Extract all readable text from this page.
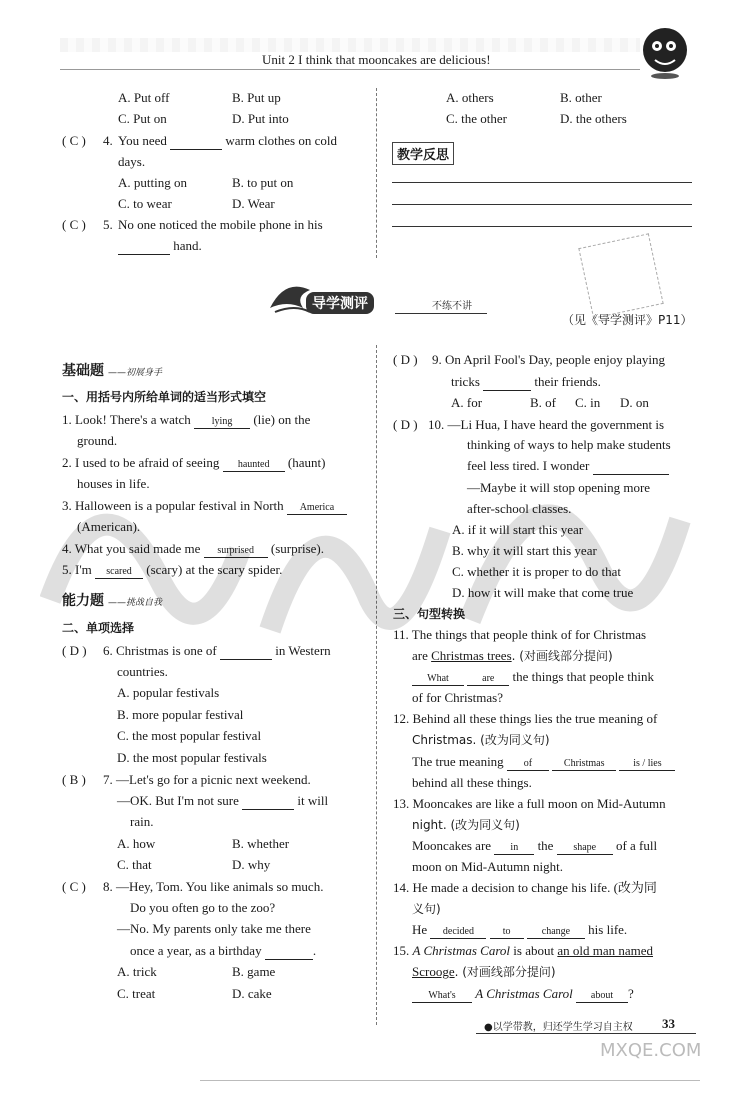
Unit 2 I think that mooncakes are delicious!
A. Put off	B. Put up
C. Put on	D. Put into
( C ) 4. You need	warm clothes on cold
days.
A. putting on	B. to put on
C. to wear	D. Wear
( C ) 5. No one noticed the mobile phone in his
hand.
A. others	B. other
C. the other	D. the others
教学反思
导学测评	不练不讲
（见《导学测评》P11）
基础题 ——初展身手
一、用括号内所给单词的适当形式填空
1. Look! There's a watch lying (lie) on the
ground.
2. I used to be afraid of seeing haunted (haunt)
houses in life.
3. Halloween is a popular festival in North America
(American).
4. What you said made me surprised (surprise).
5. I'm scared (scary) at the scary spider.
能力题 ——挑战自我
二、单项选择
( D ) 6. Christmas is one of	in Western
countries.
A. popular festivals
B. more popular festival
C. the most popular festival
D. the most popular festivals
( B ) 7. —Let's go for a picnic next weekend.
—OK. But I'm not sure	it will
rain.
A. how	B. whether
C. that	D. why
( C ) 8. —Hey, Tom. You like animals so much.
Do you often go to the zoo?
—No. My parents only take me there
once a year, as a birthday	.
A. trick	B. game
C. treat	D. cake
( D ) 9. On April Fool's Day, people enjoy playing
tricks	their friends.
A. for	B. of C. in D. on
( D ) 10. —Li Hua, I have heard the government is
thinking of ways to help make students
feel less tired. I wonder
—Maybe it will stop opening more
after-school classes.
A. if it will start this year
B. why it will start this year
C. whether it is proper to do that
D. how it will make that come true
三、句型转换
11. The things that people think of for Christmas
are Christmas trees. (对画线部分提问)
What	are the things that people think
of for Christmas?
12. Behind all these things lies the true meaning of
Christmas. (改为同义句)
The true meaning of	Christmas	is / lies
behind all these things.
13. Mooncakes are like a full moon on Mid-Autumn
night. (改为同义句)
Mooncakes are in the shape of a full
moon on Mid-Autumn night.
14. He made a decision to change his life. (改为同
义句)
He decided	to	change his life.
15. A Christmas Carol is about an old man named
Scrooge. (对画线部分提问)
What's A Christmas Carol about ?
●以学带教，归还学生学习自主权 33
MXQE.COM
